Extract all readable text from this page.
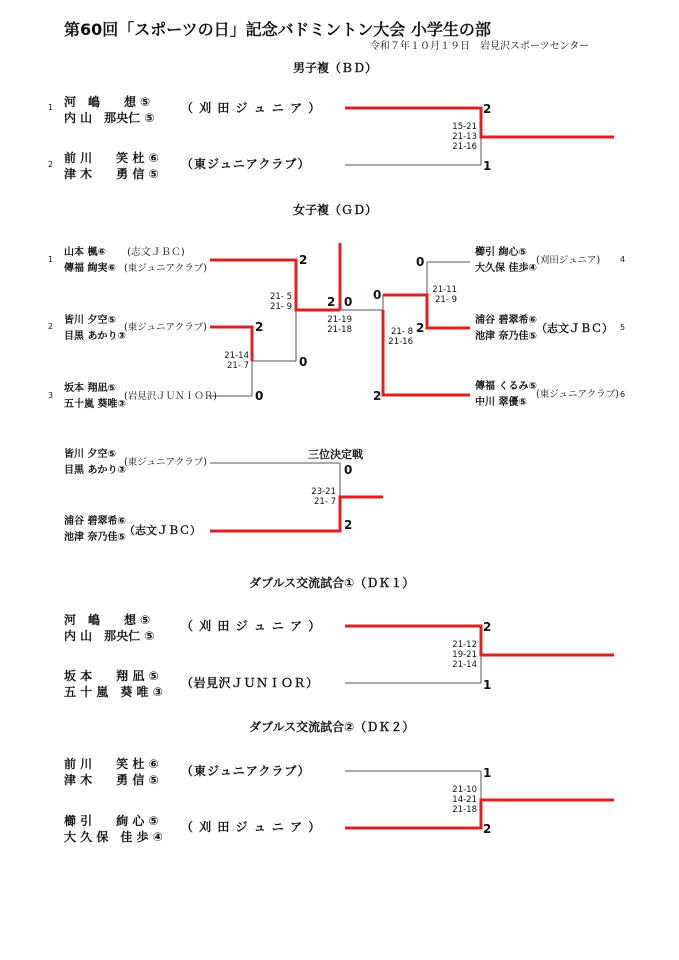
第60回「スポーツの日」記念バドミントン大会 小学生の部
令和７年１０月１９日　岩見沢スポーツセンター
男子複（ＢＤ）
1 河　嶋　　想 ⑤
内 山　那央仁 ⑤
（ 刈 田 ジ ュ ニ ア ）	2
2 前 川　　笑 杜 ⑥
津 木　　勇 信 ⑤
（東ジュニアクラブ）	1
15-21
21-13
21-16
女子複（ＧＤ）
1
山本 楓⑥
傳福 絢実⑥
(志文ＪＢＣ)
(東ジュニアクラブ)
2
皆川 夕空⑤
目黒 あかり③
(東ジュニアクラブ)
3
坂本 翔凪⑤
五十嵐 葵唯③
(岩見沢ＪＵＮＩＯＲ)
櫛引 絢心⑤
大久保 佳歩④
(刈田ジュニア) 4
浦谷 碧翠希⑥
池津 奈乃佳⑤
（志文ＪＢＣ） 5
傳福 くるみ⑤
中川 翠優⑤
(東ジュニアクラブ) 6
2
2
0
0
2 0
0
0
2
2
21-14
21- 7
21- 5
21- 9
21-19
21-18	21- 8
21-16
21-11
21- 9
三位決定戦
皆川 夕空⑤
目黒 あかり③
(東ジュニアクラブ)
0
浦谷 碧翠希⑥
池津 奈乃佳⑤
（志文ＪＢＣ）	2
23-21
21- 7
ダブルス交流試合①（ＤＫ１）
河　嶋　　想 ⑤
内 山　那央仁 ⑤
（ 刈 田 ジ ュ ニ ア ）	2
坂 本　　翔 凪 ⑤
五 十 嵐　葵 唯 ③
（岩見沢ＪＵＮＩＯＲ）	1
21-12
19-21
21-14
ダブルス交流試合②（ＤＫ２）
前 川　　笑 杜 ⑥
津 木　　勇 信 ⑤
（東ジュニアクラブ）	1
櫛 引　　絢 心 ⑤
大 久 保　佳 歩 ④
（ 刈 田 ジ ュ ニ ア ）	2
21-10
14-21
21-18
